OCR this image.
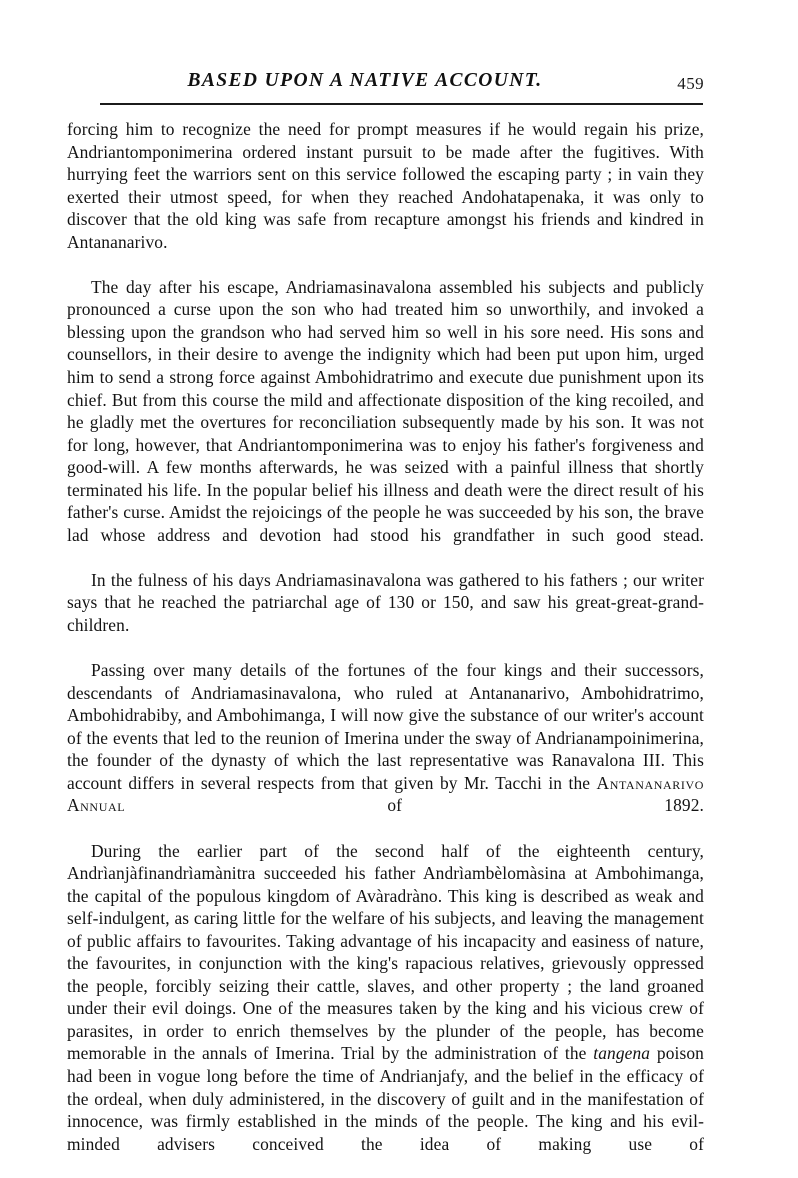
BASED UPON A NATIVE ACCOUNT.	459

forcing him to recognize the need for prompt measures if he would regain his prize, Andriantomponimerina ordered instant pursuit to be made after the fugitives. With hurrying feet the warriors sent on this service followed the escaping party ; in vain they exerted their utmost speed, for when they reached Andohatapenaka, it was only to discover that the old king was safe from recapture amongst his friends and kindred in Antananarivo.

The day after his escape, Andriamasinavalona assembled his subjects and publicly pronounced a curse upon the son who had treated him so unworthily, and invoked a blessing upon the grandson who had served him so well in his sore need. His sons and counsellors, in their desire to avenge the indignity which had been put upon him, urged him to send a strong force against Ambohidratrimo and execute due punishment upon its chief. But from this course the mild and affectionate disposition of the king recoiled, and he gladly met the overtures for reconciliation subsequently made by his son. It was not for long, however, that Andriantomponimerina was to enjoy his father's forgiveness and good-will. A few months afterwards, he was seized with a painful illness that shortly terminated his life. In the popular belief his illness and death were the direct result of his father's curse. Amidst the rejoicings of the people he was succeeded by his son, the brave lad whose address and devotion had stood his grandfather in such good stead.

In the fulness of his days Andriamasinavalona was gathered to his fathers ; our writer says that he reached the patriarchal age of 130 or 150, and saw his great-great-grand-children.

Passing over many details of the fortunes of the four kings and their successors, descendants of Andriamasinavalona, who ruled at Antananarivo, Ambohidratrimo, Ambohidrabiby, and Ambohimanga, I will now give the substance of our writer's account of the events that led to the reunion of Imerina under the sway of Andrianampoinimerina, the founder of the dynasty of which the last representative was Ranavalona III. This account differs in several respects from that given by Mr. Tacchi in the Antananarivo Annual of 1892.

During the earlier part of the second half of the eighteenth century, Andrìanjàfinandrìamànitra succeeded his father Andrìambèlomàsina at Ambohimanga, the capital of the populous kingdom of Avàradràno. This king is described as weak and self-indulgent, as caring little for the welfare of his subjects, and leaving the management of public affairs to favourites. Taking advantage of his incapacity and easiness of nature, the favourites, in conjunction with the king's rapacious relatives, grievously oppressed the people, forcibly seizing their cattle, slaves, and other property ; the land groaned under their evil doings. One of the measures taken by the king and his vicious crew of parasites, in order to enrich themselves by the plunder of the people, has become memorable in the annals of Imerina. Trial by the administration of the tangena poison had been in vogue long before the time of Andrianjafy, and the belief in the efficacy of the ordeal, when duly administered, in the discovery of guilt and in the manifestation of innocence, was firmly established in the minds of the people. The king and his evil-minded advisers conceived the idea of making use of
